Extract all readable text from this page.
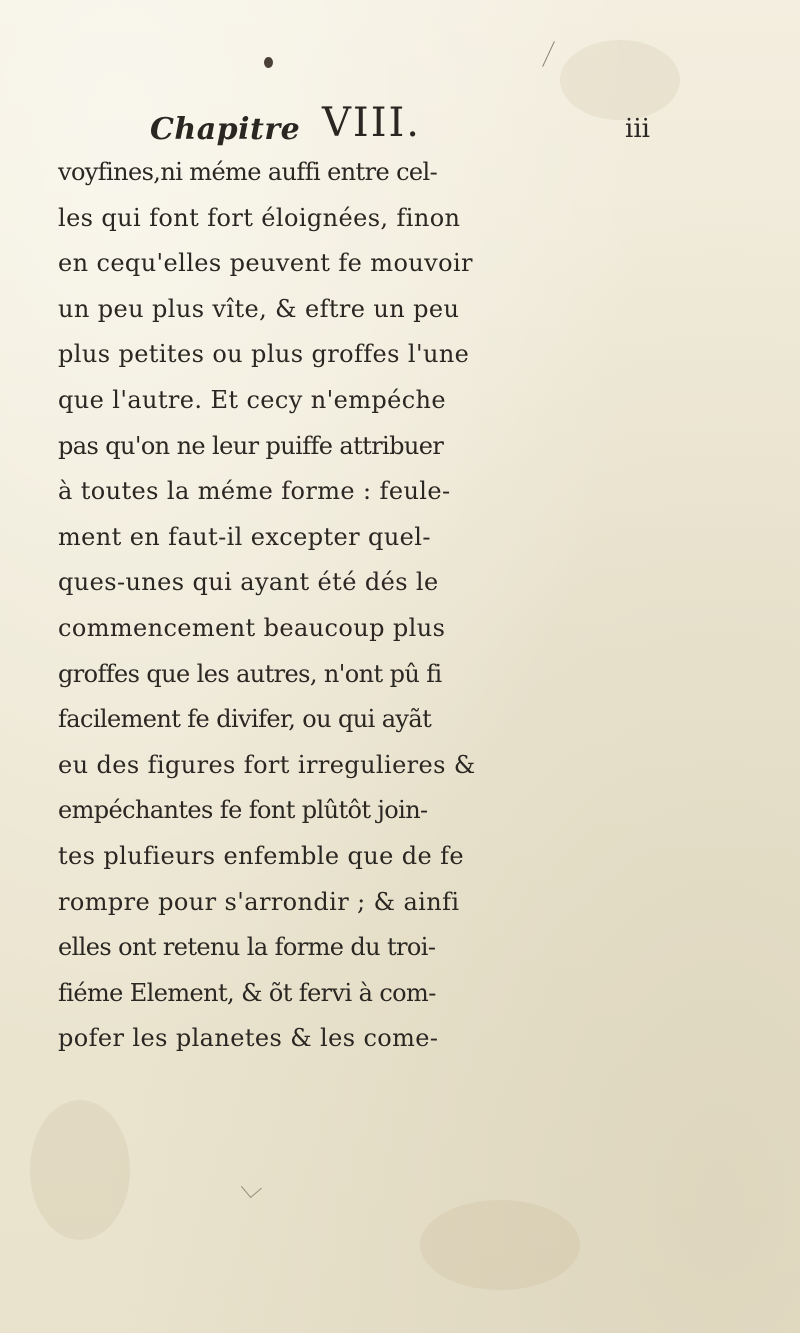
Chapitre VIII.	iii
voyfines,ni méme auffi entre cel-
les qui font fort éloignées, finon
en cequ'elles peuvent fe mouvoir
un peu plus vîte, & eftre un peu
plus petites ou plus groffes l'une
que l'autre. Et cecy n'empéche
pas qu'on ne leur puiffe attribuer
à toutes la méme forme : feule-
ment en faut-il excepter quel-
ques-unes qui ayant été dés le
commencement beaucoup plus
groffes que les autres, n'ont pû fi
facilement fe divifer, ou qui ayãt
eu des figures fort irregulieres &
empéchantes fe font plûtôt join-
tes plufieurs enfemble que de fe
rompre pour s'arrondir ; & ainfi
elles ont retenu la forme du troi-
fiéme Element, & õt fervi à com-
pofer les planetes & les come-
